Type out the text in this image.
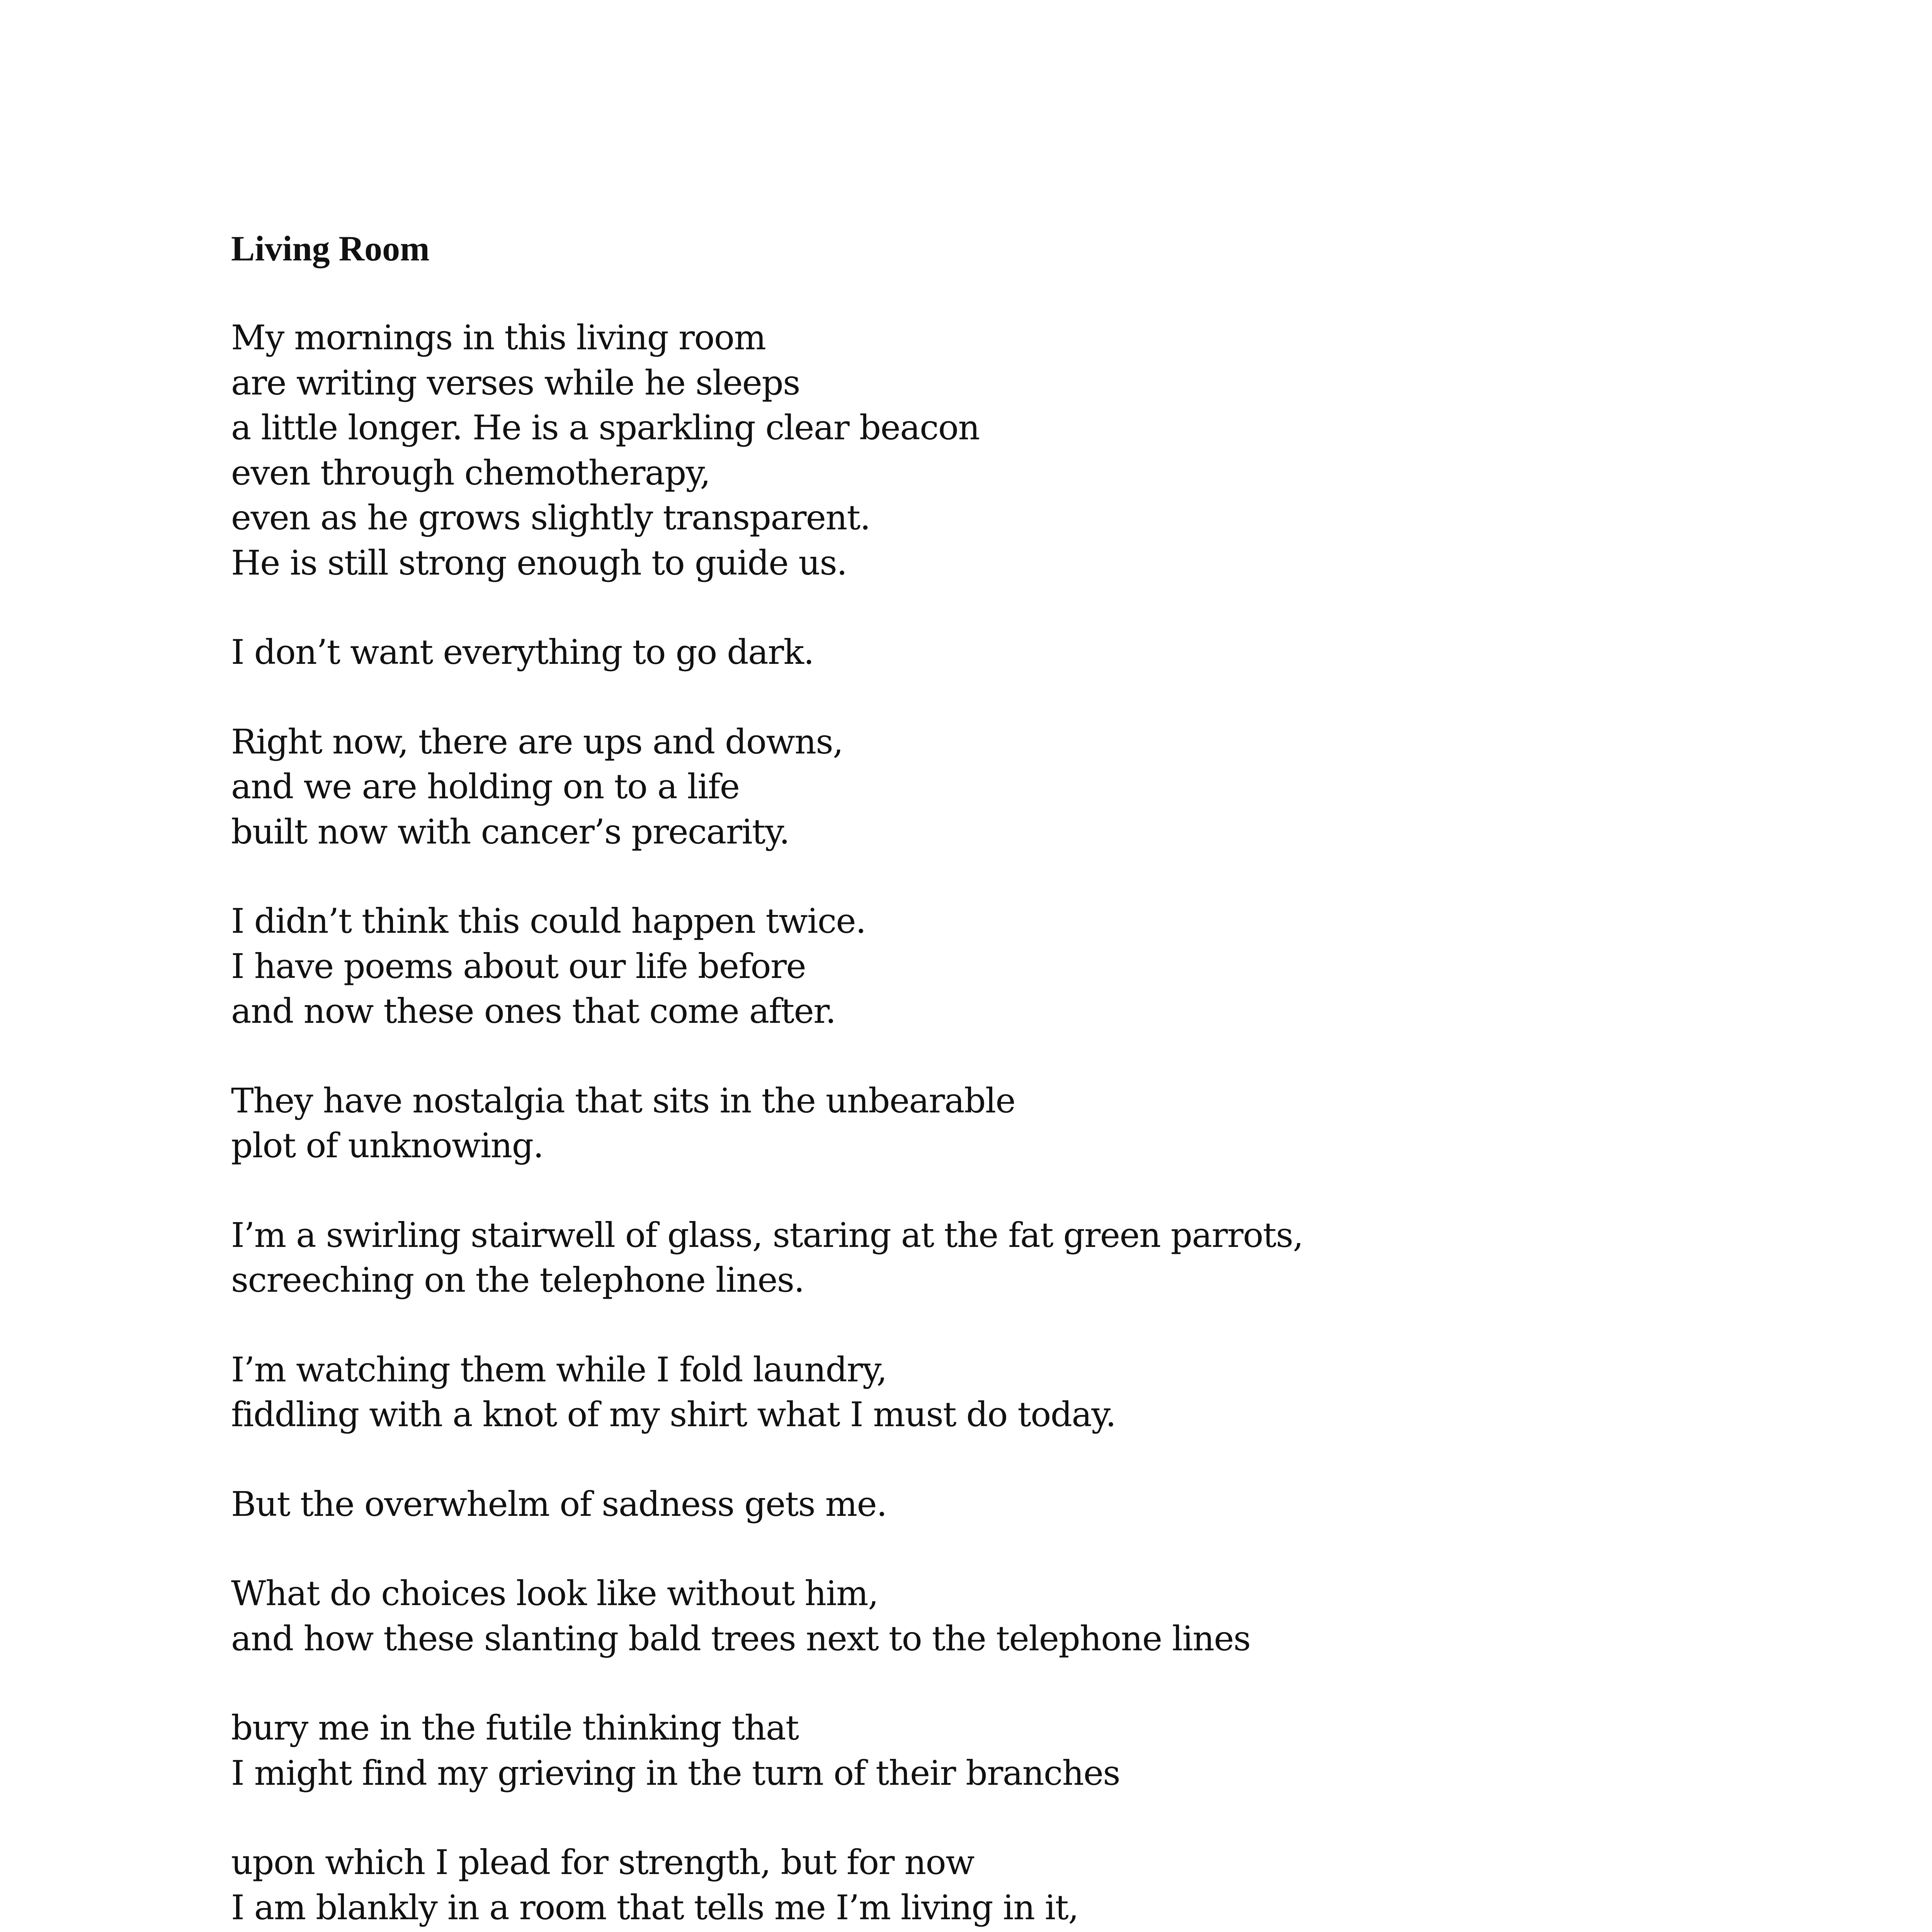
Living Room
My mornings in this living room
are writing verses while he sleeps
a little longer. He is a sparkling clear beacon
even through chemotherapy,
even as he grows slightly transparent.
He is still strong enough to guide us.
I don’t want everything to go dark.
Right now, there are ups and downs,
and we are holding on to a life
built now with cancer’s precarity.
I didn’t think this could happen twice.
I have poems about our life before
and now these ones that come after.
They have nostalgia that sits in the unbearable
plot of unknowing.
I’m a swirling stairwell of glass, staring at the fat green parrots,
screeching on the telephone lines.
I’m watching them while I fold laundry,
fiddling with a knot of my shirt what I must do today.
But the overwhelm of sadness gets me.
What do choices look like without him,
and how these slanting bald trees next to the telephone lines
bury me in the futile thinking that
I might find my grieving in the turn of their branches
upon which I plead for strength, but for now
I am blankly in a room that tells me I’m living in it,
